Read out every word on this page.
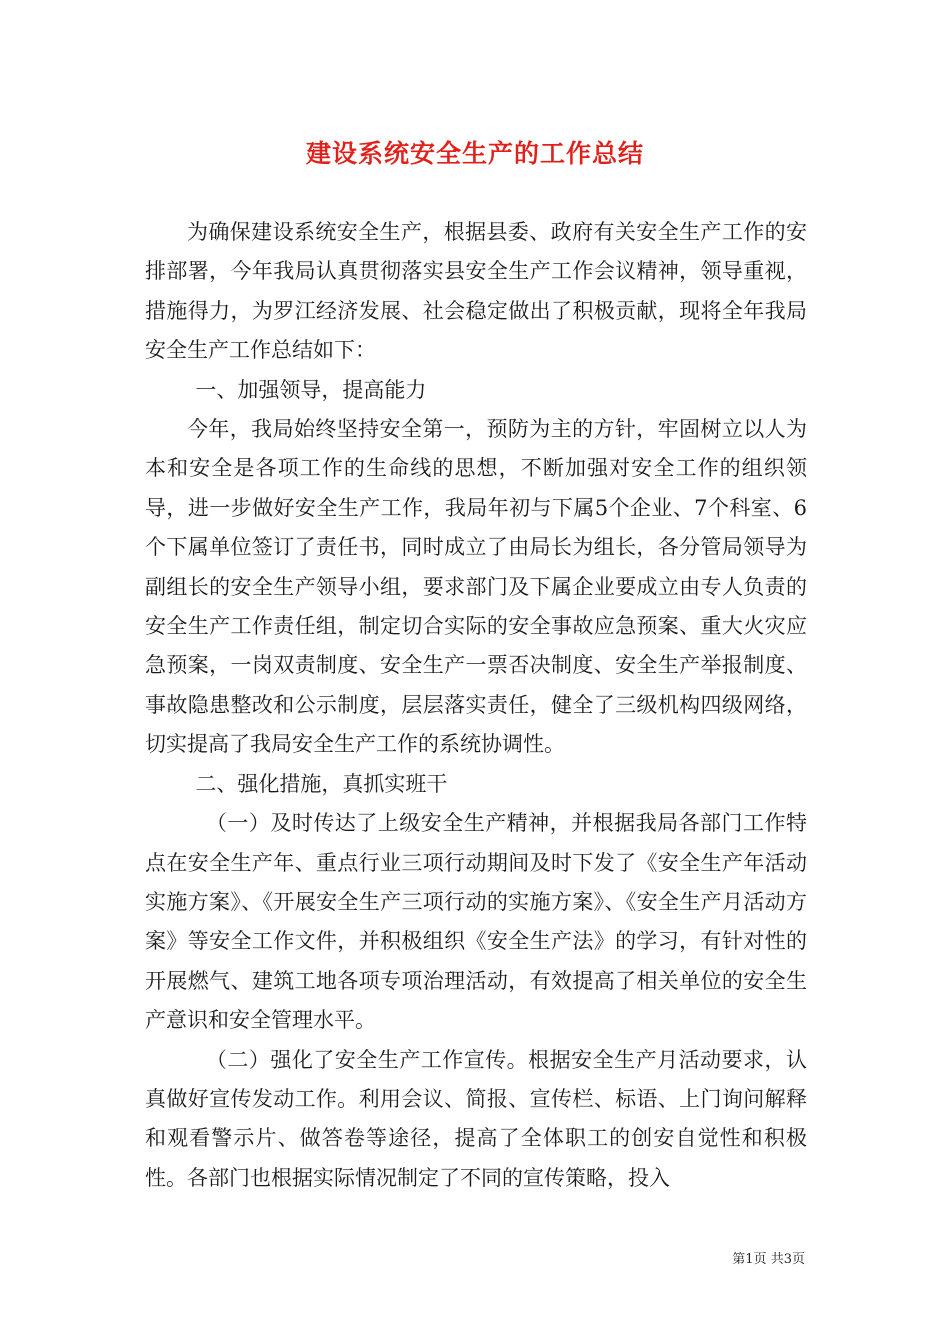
建设系统安全生产的工作总结

为确保建设系统安全生产，根据县委、政府有关安全生产工作的安排部署，今年我局认真贯彻落实县安全生产工作会议精神，领导重视，措施得力，为罗江经济发展、社会稳定做出了积极贡献，现将全年我局安全生产工作总结如下：

一、加强领导，提高能力

今年，我局始终坚持安全第一，预防为主的方针，牢固树立以人为本和安全是各项工作的生命线的思想，不断加强对安全工作的组织领导，进一步做好安全生产工作，我局年初与下属5个企业、7个科室、6个下属单位签订了责任书，同时成立了由局长为组长，各分管局领导为副组长的安全生产领导小组，要求部门及下属企业要成立由专人负责的安全生产工作责任组，制定切合实际的安全事故应急预案、重大火灾应急预案，一岗双责制度、安全生产一票否决制度、安全生产举报制度、事故隐患整改和公示制度，层层落实责任，健全了三级机构四级网络，切实提高了我局安全生产工作的系统协调性。

二、强化措施，真抓实班干

（一）及时传达了上级安全生产精神，并根据我局各部门工作特点在安全生产年、重点行业三项行动期间及时下发了《安全生产年活动实施方案》、《开展安全生产三项行动的实施方案》、《安全生产月活动方案》等安全工作文件，并积极组织《安全生产法》的学习，有针对性的开展燃气、建筑工地各项专项治理活动，有效提高了相关单位的安全生产意识和安全管理水平。

（二）强化了安全生产工作宣传。根据安全生产月活动要求，认真做好宣传发动工作。利用会议、简报、宣传栏、标语、上门询问解释和观看警示片、做答卷等途径，提高了全体职工的创安自觉性和积极性。各部门也根据实际情况制定了不同的宣传策略，投入

第1页 共3页
